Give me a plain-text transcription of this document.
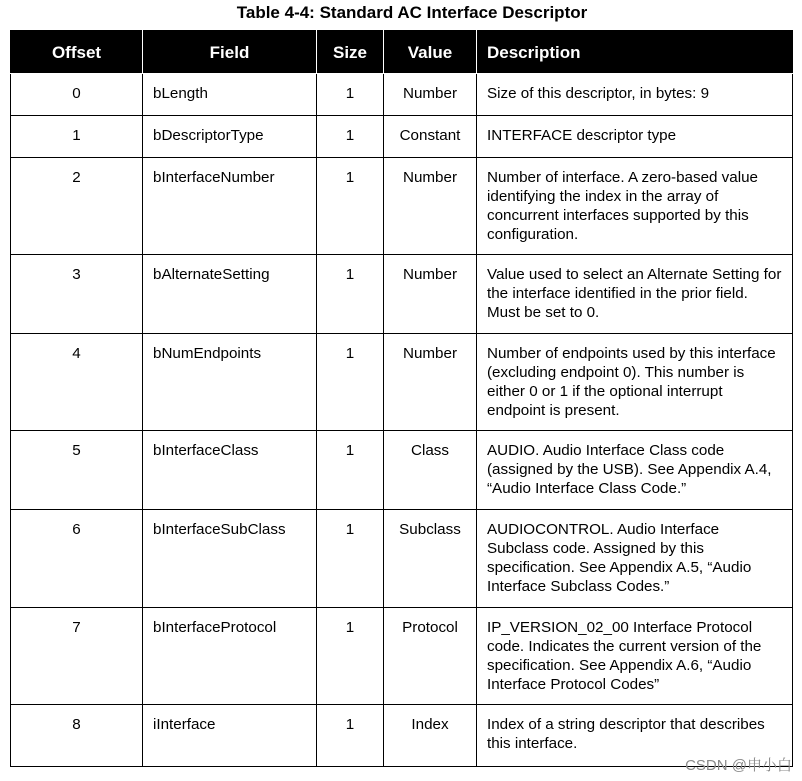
Table 4-4: Standard AC Interface Descriptor
Offset	Field	Size	Value	Description
0	bLength	1	Number	Size of this descriptor, in bytes: 9
1	bDescriptorType	1	Constant	INTERFACE descriptor type
2	bInterfaceNumber	1	Number	Number of interface. A zero-based value identifying the index in the array of concurrent interfaces supported by this configuration.
3	bAlternateSetting	1	Number	Value used to select an Alternate Setting for the interface identified in the prior field. Must be set to 0.
4	bNumEndpoints	1	Number	Number of endpoints used by this interface (excluding endpoint 0). This number is either 0 or 1 if the optional interrupt endpoint is present.
5	bInterfaceClass	1	Class	AUDIO. Audio Interface Class code (assigned by the USB). See Appendix A.4, “Audio Interface Class Code.”
6	bInterfaceSubClass	1	Subclass	AUDIOCONTROL. Audio Interface Subclass code. Assigned by this specification. See Appendix A.5, “Audio Interface Subclass Codes.”
7	bInterfaceProtocol	1	Protocol	IP_VERSION_02_00 Interface Protocol code. Indicates the current version of the specification. See Appendix A.6, “Audio Interface Protocol Codes”
8	iInterface	1	Index	Index of a string descriptor that describes this interface.
CSDN @申小白
